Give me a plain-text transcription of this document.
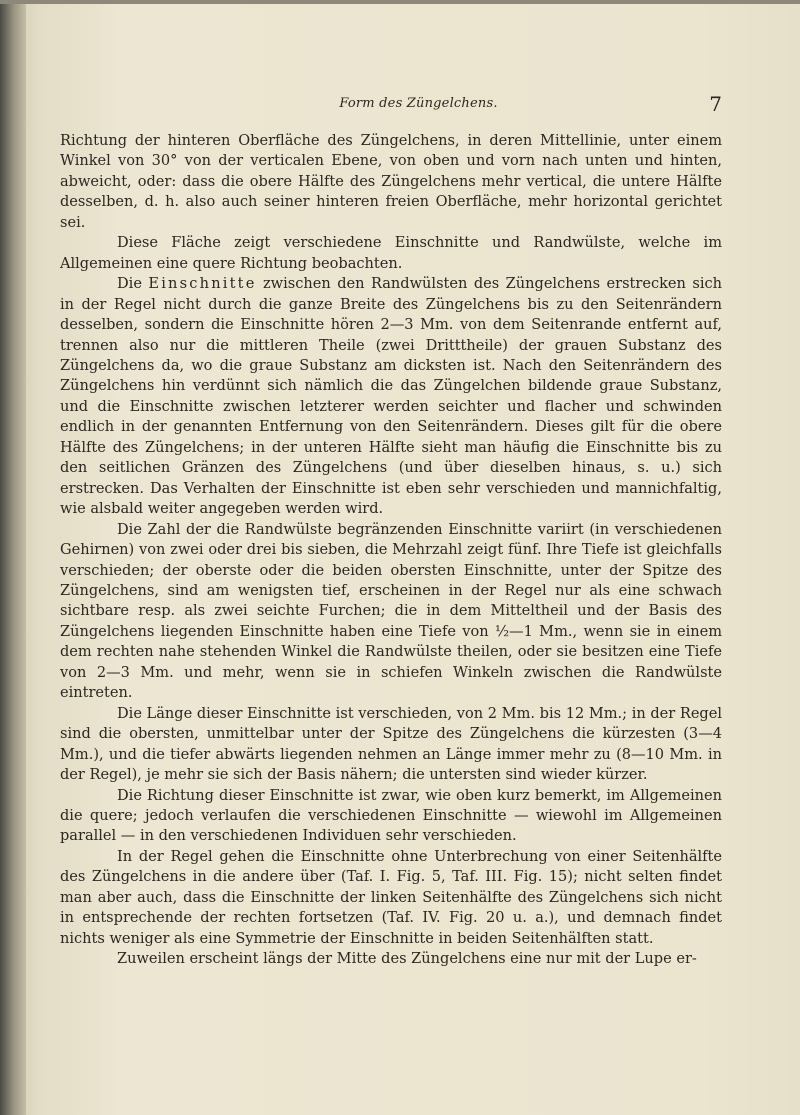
Form des Züngelchens.	7

Richtung der hinteren Oberfläche des Züngelchens, in deren Mittellinie, unter einem Winkel von 30° von der verticalen Ebene, von oben und vorn nach unten und hinten, abweicht, oder: dass die obere Hälfte des Züngelchens mehr vertical, die untere Hälfte desselben, d. h. also auch seiner hinteren freien Oberfläche, mehr horizontal gerichtet sei.

Diese Fläche zeigt verschiedene Einschnitte und Randwülste, welche im Allgemeinen eine quere Richtung beobachten.

Die Einschnitte zwischen den Randwülsten des Züngelchens erstrecken sich in der Regel nicht durch die ganze Breite des Züngelchens bis zu den Seitenrändern desselben, sondern die Einschnitte hören 2—3 Mm. von dem Seitenrande entfernt auf, trennen also nur die mittleren Theile (zwei Dritttheile) der grauen Substanz des Züngelchens da, wo die graue Substanz am dicksten ist. Nach den Seitenrändern des Züngelchens hin verdünnt sich nämlich die das Züngelchen bildende graue Substanz, und die Einschnitte zwischen letzterer werden seichter und flacher und schwinden endlich in der genannten Entfernung von den Seitenrändern. Dieses gilt für die obere Hälfte des Züngelchens; in der unteren Hälfte sieht man häufig die Einschnitte bis zu den seitlichen Gränzen des Züngelchens (und über dieselben hinaus, s. u.) sich erstrecken. Das Verhalten der Einschnitte ist eben sehr verschieden und mannichfaltig, wie alsbald weiter angegeben werden wird.

Die Zahl der die Randwülste begränzenden Einschnitte variirt (in verschiedenen Gehirnen) von zwei oder drei bis sieben, die Mehrzahl zeigt fünf. Ihre Tiefe ist gleichfalls verschieden; der oberste oder die beiden obersten Einschnitte, unter der Spitze des Züngelchens, sind am wenigsten tief, erscheinen in der Regel nur als eine schwach sichtbare resp. als zwei seichte Furchen; die in dem Mitteltheil und der Basis des Züngelchens liegenden Einschnitte haben eine Tiefe von ½—1 Mm., wenn sie in einem dem rechten nahe stehenden Winkel die Randwülste theilen, oder sie besitzen eine Tiefe von 2—3 Mm. und mehr, wenn sie in schiefen Winkeln zwischen die Randwülste eintreten.

Die Länge dieser Einschnitte ist verschieden, von 2 Mm. bis 12 Mm.; in der Regel sind die obersten, unmittelbar unter der Spitze des Züngelchens die kürzesten (3—4 Mm.), und die tiefer abwärts liegenden nehmen an Länge immer mehr zu (8—10 Mm. in der Regel), je mehr sie sich der Basis nähern; die untersten sind wieder kürzer.

Die Richtung dieser Einschnitte ist zwar, wie oben kurz bemerkt, im Allgemeinen die quere; jedoch verlaufen die verschiedenen Einschnitte — wiewohl im Allgemeinen parallel — in den verschiedenen Individuen sehr verschieden.

In der Regel gehen die Einschnitte ohne Unterbrechung von einer Seitenhälfte des Züngelchens in die andere über (Taf. I. Fig. 5, Taf. III. Fig. 15); nicht selten findet man aber auch, dass die Einschnitte der linken Seitenhälfte des Züngelchens sich nicht in entsprechende der rechten fortsetzen (Taf. IV. Fig. 20 u. a.), und demnach findet nichts weniger als eine Symmetrie der Einschnitte in beiden Seitenhälften statt.

Zuweilen erscheint längs der Mitte des Züngelchens eine nur mit der Lupe er-
